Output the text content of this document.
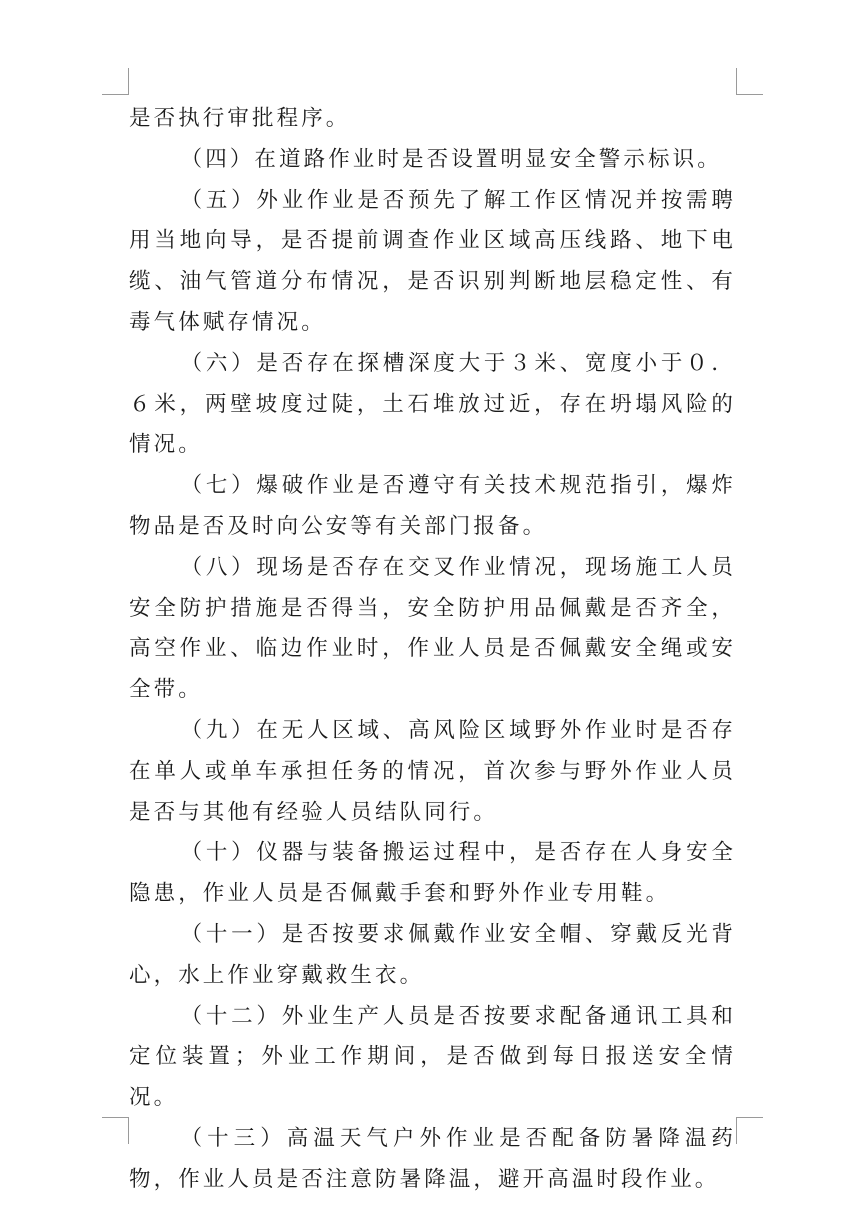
是否执行审批程序。

（四）在道路作业时是否设置明显安全警示标识。

（五）外业作业是否预先了解工作区情况并按需聘用当地向导，是否提前调查作业区域高压线路、地下电缆、油气管道分布情况，是否识别判断地层稳定性、有毒气体赋存情况。

（六）是否存在探槽深度大于３米、宽度小于０．６米，两壁坡度过陡，土石堆放过近，存在坍塌风险的情况。

（七）爆破作业是否遵守有关技术规范指引，爆炸物品是否及时向公安等有关部门报备。

（八）现场是否存在交叉作业情况，现场施工人员安全防护措施是否得当，安全防护用品佩戴是否齐全，高空作业、临边作业时，作业人员是否佩戴安全绳或安全带。

（九）在无人区域、高风险区域野外作业时是否存在单人或单车承担任务的情况，首次参与野外作业人员是否与其他有经验人员结队同行。

（十）仪器与装备搬运过程中，是否存在人身安全隐患，作业人员是否佩戴手套和野外作业专用鞋。

（十一）是否按要求佩戴作业安全帽、穿戴反光背心，水上作业穿戴救生衣。

（十二）外业生产人员是否按要求配备通讯工具和定位装置；外业工作期间，是否做到每日报送安全情况。

（十三）高温天气户外作业是否配备防暑降温药物，作业人员是否注意防暑降温，避开高温时段作业。
